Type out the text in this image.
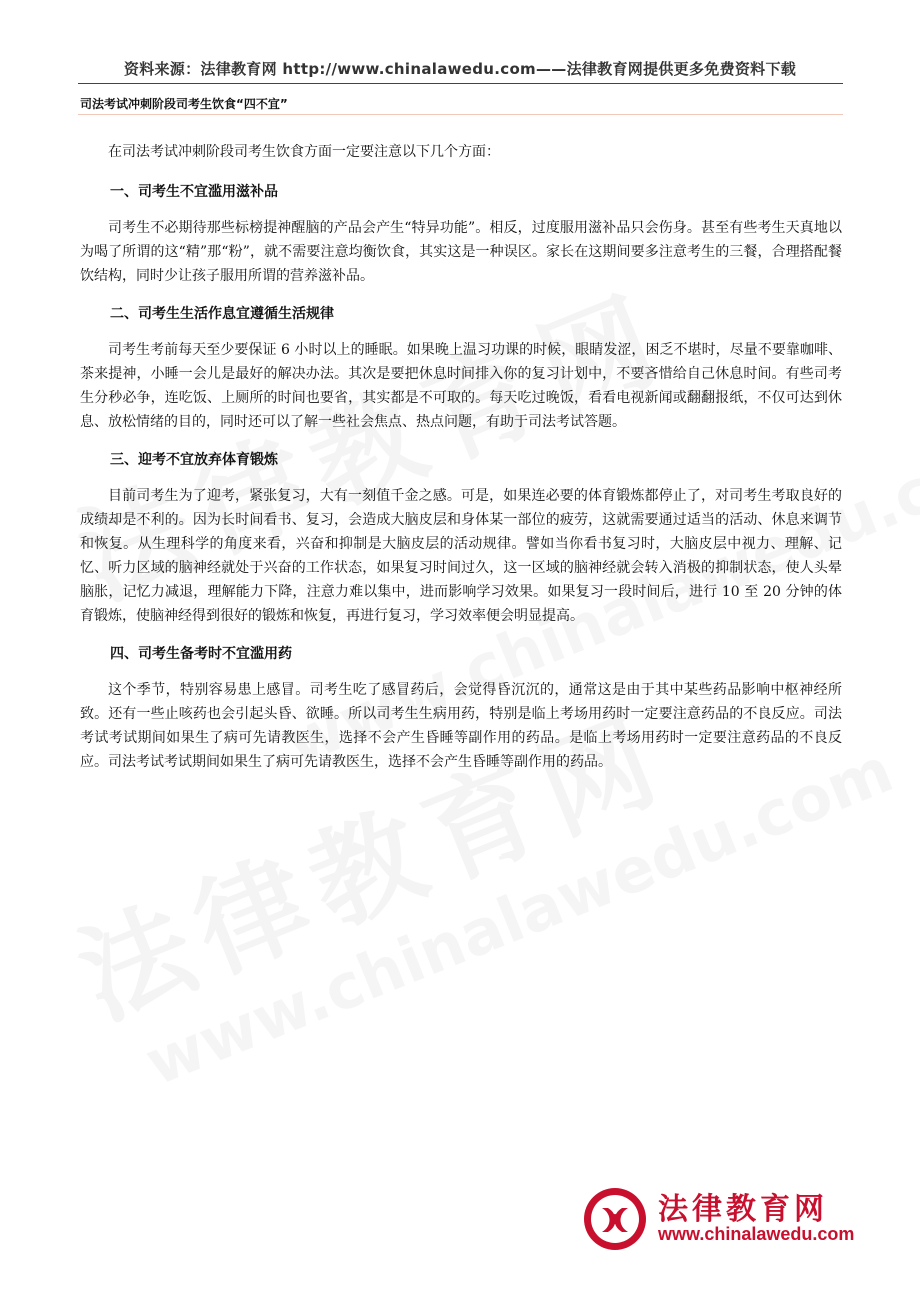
资料来源：法律教育网 http://www.chinalawedu.com——法律教育网提供更多免费资料下载
司法考试冲刺阶段司考生饮食“四不宜”

在司法考试冲刺阶段司考生饮食方面一定要注意以下几个方面：

一、司考生不宜滥用滋补品

司考生不必期待那些标榜提神醒脑的产品会产生“特异功能”。相反，过度服用滋补品只会伤身。甚至有些考生天真地以为喝了所谓的这“精”那“粉”，就不需要注意均衡饮食，其实这是一种误区。家长在这期间要多注意考生的三餐，合理搭配餐饮结构，同时少让孩子服用所谓的营养滋补品。

二、司考生生活作息宜遵循生活规律

司考生考前每天至少要保证 6 小时以上的睡眠。如果晚上温习功课的时候，眼睛发涩，困乏不堪时，尽量不要靠咖啡、茶来提神，小睡一会儿是最好的解决办法。其次是要把休息时间排入你的复习计划中，不要吝惜给自己休息时间。有些司考生分秒必争，连吃饭、上厕所的时间也要省，其实都是不可取的。每天吃过晚饭，看看电视新闻或翻翻报纸，不仅可达到休息、放松情绪的目的，同时还可以了解一些社会焦点、热点问题，有助于司法考试答题。

三、迎考不宜放弃体育锻炼

目前司考生为了迎考，紧张复习，大有一刻值千金之感。可是，如果连必要的体育锻炼都停止了，对司考生考取良好的成绩却是不利的。因为长时间看书、复习，会造成大脑皮层和身体某一部位的疲劳，这就需要通过适当的活动、休息来调节和恢复。从生理科学的角度来看，兴奋和抑制是大脑皮层的活动规律。譬如当你看书复习时，大脑皮层中视力、理解、记忆、听力区域的脑神经就处于兴奋的工作状态，如果复习时间过久，这一区域的脑神经就会转入消极的抑制状态，使人头晕脑胀，记忆力减退，理解能力下降，注意力难以集中，进而影响学习效果。如果复习一段时间后，进行 10 至 20 分钟的体育锻炼，使脑神经得到很好的锻炼和恢复，再进行复习，学习效率便会明显提高。

四、司考生备考时不宜滥用药

这个季节，特别容易患上感冒。司考生吃了感冒药后，会觉得昏沉沉的，通常这是由于其中某些药品影响中枢神经所致。还有一些止咳药也会引起头昏、欲睡。所以司考生生病用药，特别是临上考场用药时一定要注意药品的不良反应。司法考试考试期间如果生了病可先请教医生，选择不会产生昏睡等副作用的药品。是临上考场用药时一定要注意药品的不良反应。司法考试考试期间如果生了病可先请教医生，选择不会产生昏睡等副作用的药品。

法律教育网
www.chinalawedu.com
